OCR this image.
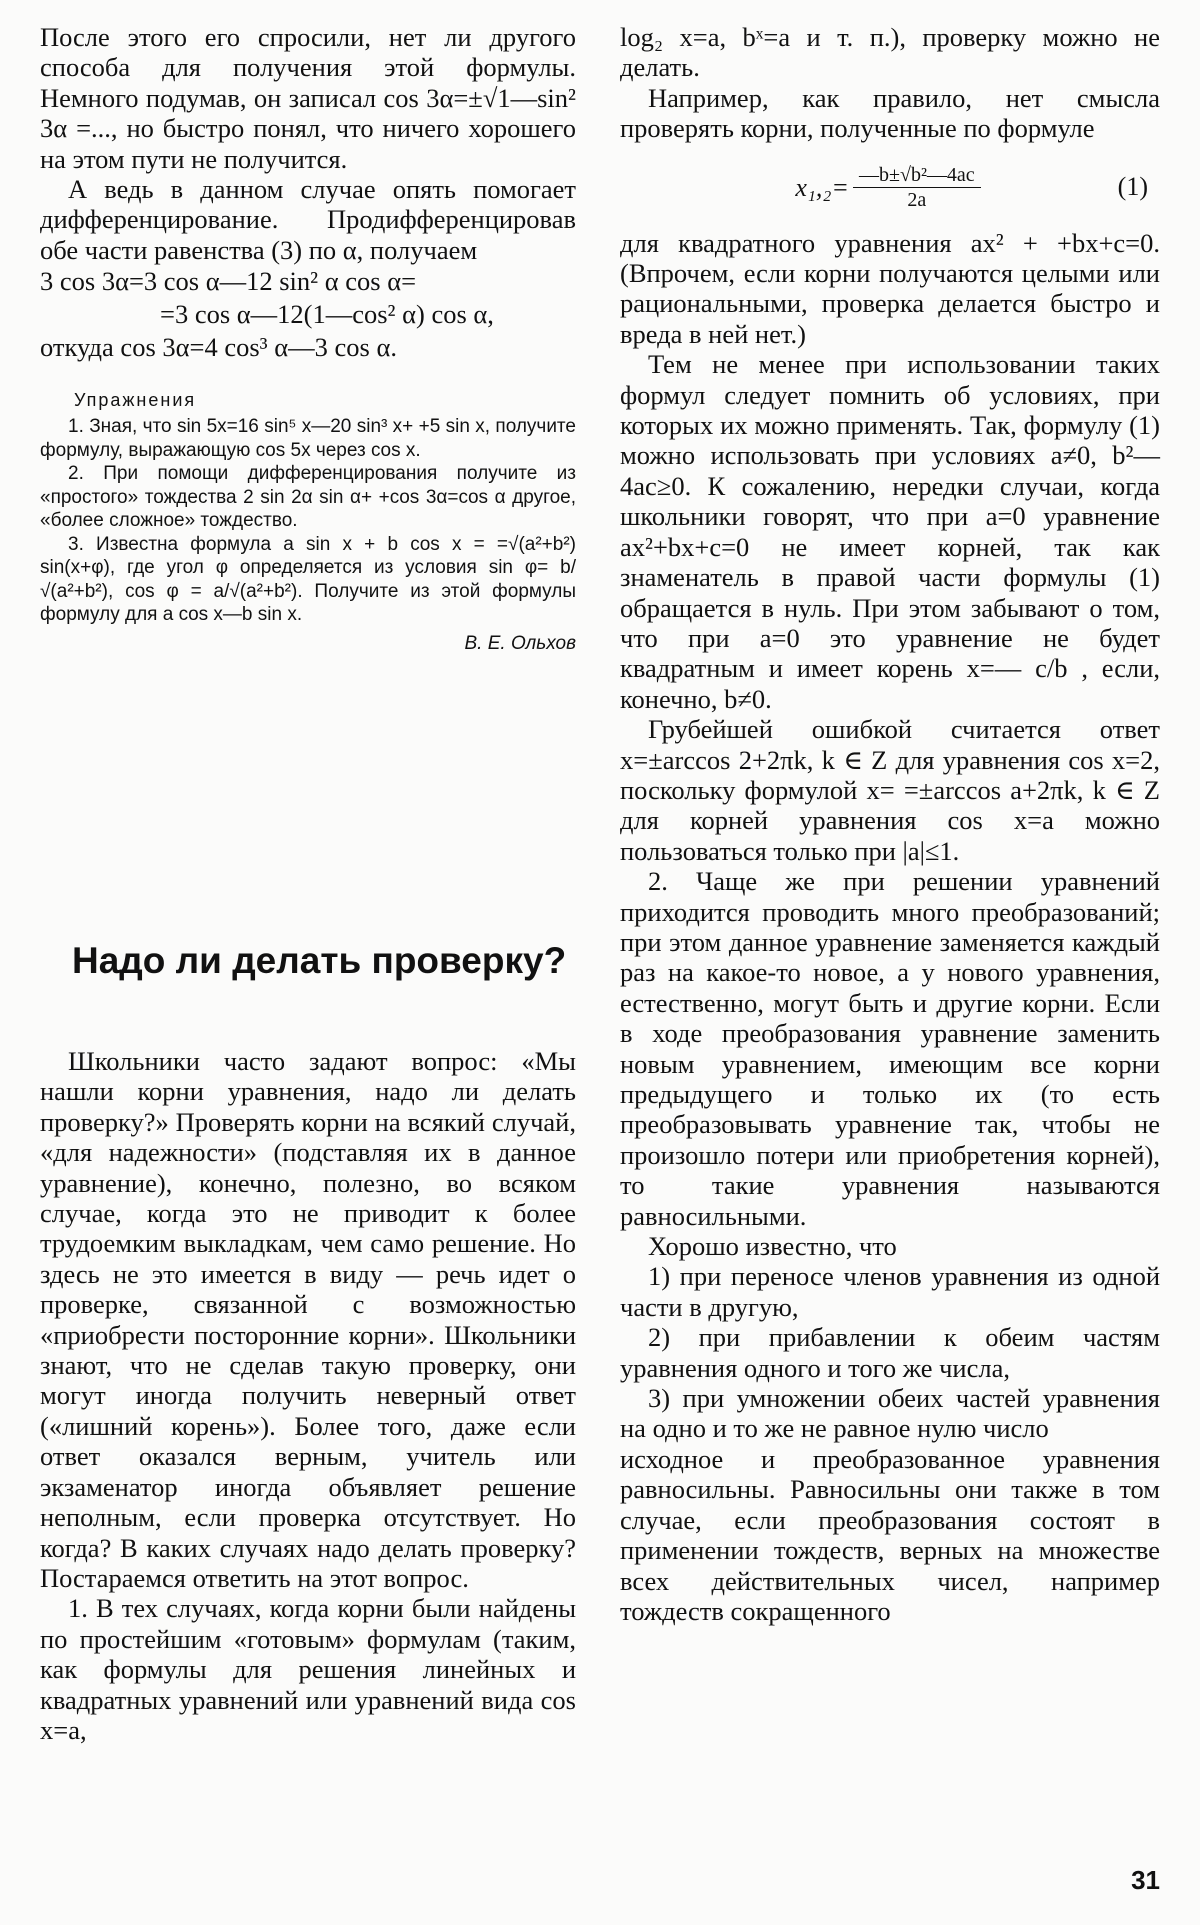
После этого его спросили, нет ли другого способа для получения этой формулы. Немного подумав, он записал cos 3α=±√1—sin² 3α =..., но быстро понял, что ничего хорошего на этом пути не получится.

А ведь в данном случае опять помогает дифференцирование. Продифференцировав обе части равенства (3) по α, получаем

3 cos 3α=3 cos α—12 sin² α cos α=

=3 cos α—12(1—cos² α) cos α,

откуда cos 3α=4 cos³ α—3 cos α.

Упражнения

1. Зная, что sin 5x=16 sin⁵ x—20 sin³ x+ +5 sin x, получите формулу, выражающую cos 5x через cos x.

2. При помощи дифференцирования получите из «простого» тождества 2 sin 2α sin α+ +cos 3α=cos α другое, «более сложное» тождество.

3. Известна формула a sin x + b cos x = =√(a²+b²) sin(x+φ), где угол φ определяется из условия sin φ= b/√(a²+b²), cos φ = a/√(a²+b²). Получите из этой формулы формулу для a cos x—b sin x.

В. Е. Ольхов
Надо ли делать проверку?

Школьники часто задают вопрос: «Мы нашли корни уравнения, надо ли делать проверку?» Проверять корни на всякий случай, «для надежности» (подставляя их в данное уравнение), конечно, полезно, во всяком случае, когда это не приводит к более трудоемким выкладкам, чем само решение. Но здесь не это имеется в виду — речь идет о проверке, связанной с возможностью «приобрести посторонние корни». Школьники знают, что не сделав такую проверку, они могут иногда получить неверный ответ («лишний корень»). Более того, даже если ответ оказался верным, учитель или экзаменатор иногда объявляет решение неполным, если проверка отсутствует. Но когда? В каких случаях надо делать проверку? Постараемся ответить на этот вопрос.

1. В тех случаях, когда корни были найдены по простейшим «готовым» формулам (таким, как формулы для решения линейных и квадратных уравнений или уравнений вида cos x=a,

log₂ x=a, bˣ=a и т. п.), проверку можно не делать.

Например, как правило, нет смысла проверять корни, полученные по формуле

$x_1,_2= \frac{\text{—b±√b²—4ac}}{2a}$	(1)

для квадратного уравнения ax² + +bx+c=0. (Впрочем, если корни получаются целыми или рациональными, проверка делается быстро и вреда в ней нет.)

Тем не менее при использовании таких формул следует помнить об условиях, при которых их можно применять. Так, формулу (1) можно использовать при условиях a≠0, b²—4ac≥0. К сожалению, нередки случаи, когда школьники говорят, что при a=0 уравнение ax²+bx+c=0 не имеет корней, так как знаменатель в правой части формулы (1) обращается в нуль. При этом забывают о том, что при a=0 это уравнение не будет квадратным и имеет корень x=— c/b , если, конечно, b≠0.

Грубейшей ошибкой считается ответ x=±arccos 2+2πk, k ∈ Z для уравнения cos x=2, поскольку формулой x= =±arccos a+2πk, k ∈ Z для корней уравнения cos x=a можно пользоваться только при |a|≤1.

2. Чаще же при решении уравнений приходится проводить много преобразований; при этом данное уравнение заменяется каждый раз на какое-то новое, а у нового уравнения, естественно, могут быть и другие корни. Если в ходе преобразования уравнение заменить новым уравнением, имеющим все корни предыдущего и только их (то есть преобразовывать уравнение так, чтобы не произошло потери или приобретения корней), то такие уравнения называются равносильными.

Хорошо известно, что

1) при переносе членов уравнения из одной части в другую,

2) при прибавлении к обеим частям уравнения одного и того же числа,

3) при умножении обеих частей уравнения на одно и то же не равное нулю число

исходное и преобразованное уравнения равносильны. Равносильны они также в том случае, если преобразования состоят в применении тождеств, верных на множестве всех действительных чисел, например тождеств сокращенного

31
